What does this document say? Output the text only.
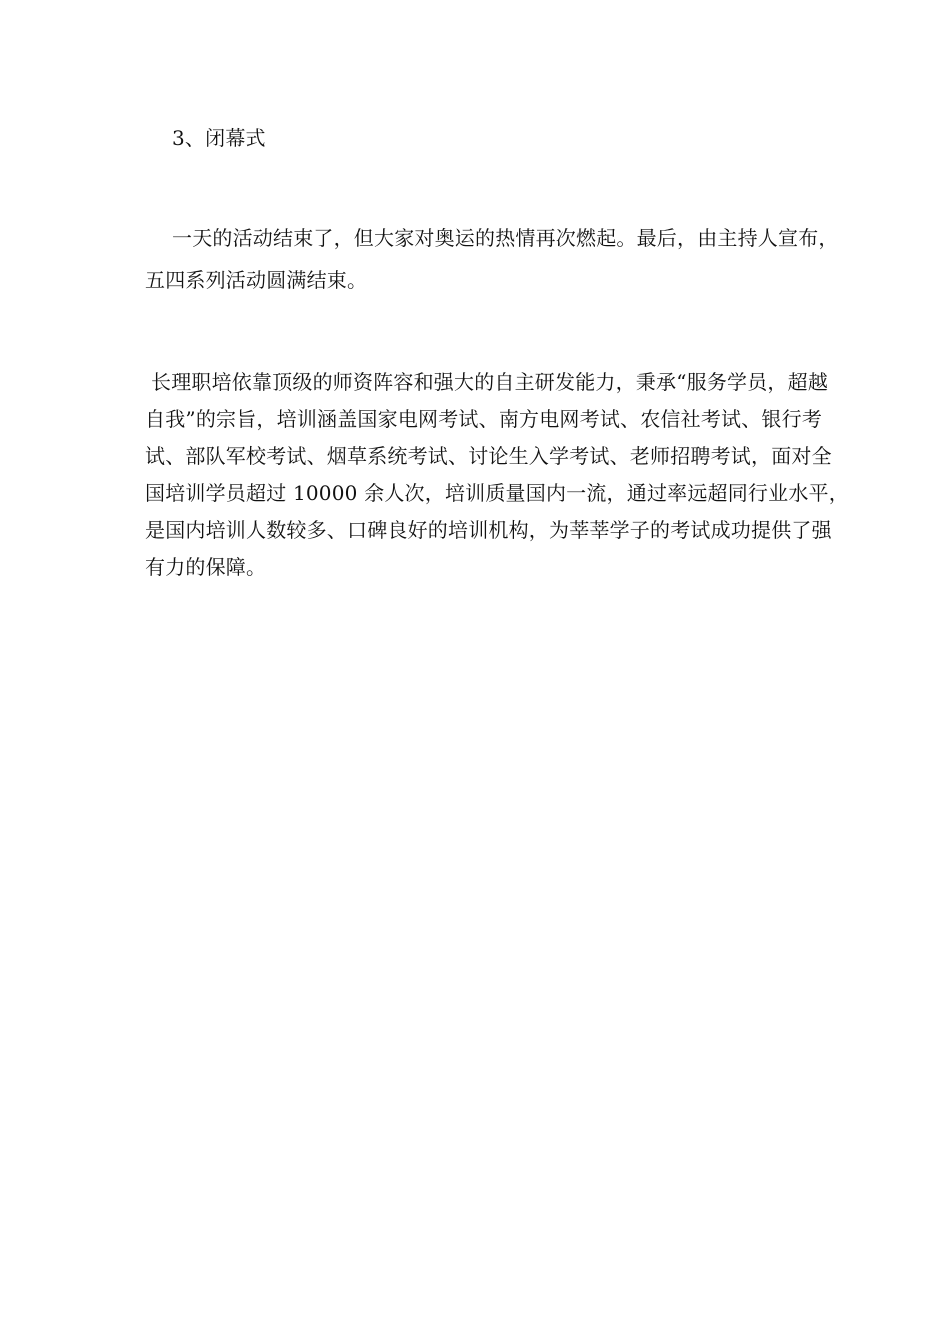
3、闭幕式
一天的活动结束了，但大家对奥运的热情再次燃起。最后，由主持人宣布，
五四系列活动圆满结束。
长理职培依靠顶级的师资阵容和强大的自主研发能力，秉承“服务学员，超越
自我”的宗旨，培训涵盖国家电网考试、南方电网考试、农信社考试、银行考
试、部队军校考试、烟草系统考试、讨论生入学考试、老师招聘考试，面对全
国培训学员超过 10000 余人次，培训质量国内一流，通过率远超同行业水平，
是国内培训人数较多、口碑良好的培训机构，为莘莘学子的考试成功提供了强
有力的保障。
